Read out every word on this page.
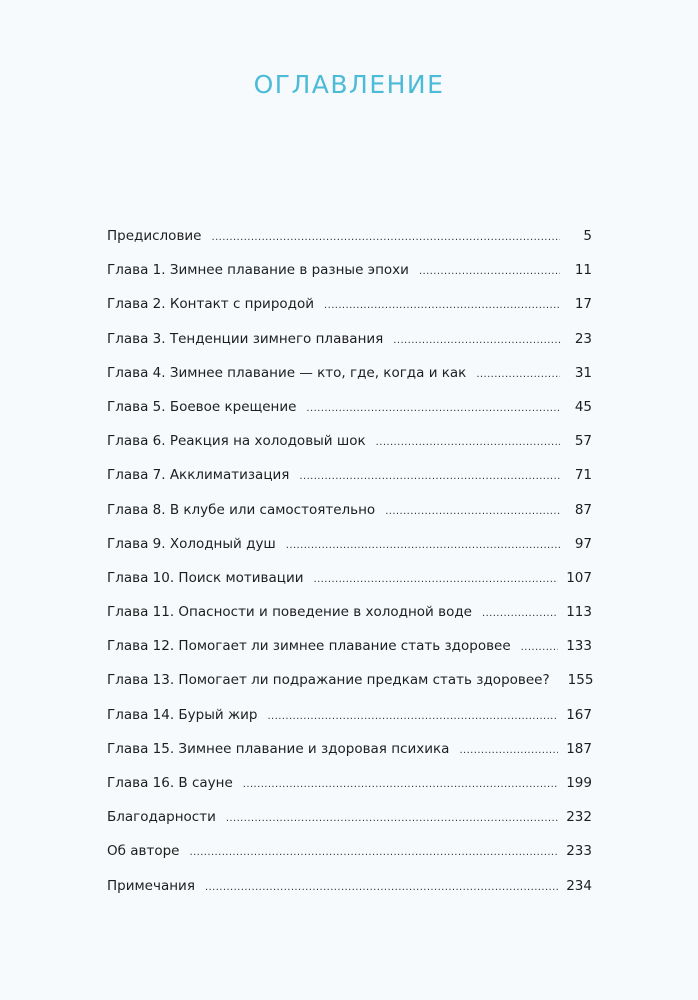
ОГЛАВЛЕНИЕ
Предисловие .....	5
Глава 1. Зимнее плавание в разные эпохи .....	11
Глава 2. Контакт с природой .....	17
Глава 3. Тенденции зимнего плавания .....	23
Глава 4. Зимнее плавание — кто, где, когда и как .....	31
Глава 5. Боевое крещение .....	45
Глава 6. Реакция на холодовый шок .....	57
Глава 7. Акклиматизация .....	71
Глава 8. В клубе или самостоятельно .....	87
Глава 9. Холодный душ .....	97
Глава 10. Поиск мотивации .....	107
Глава 11. Опасности и поведение в холодной воде .....	113
Глава 12. Помогает ли зимнее плавание стать здоровее .....	133
Глава 13. Помогает ли подражание предкам стать здоровее? 155
Глава 14. Бурый жир .....	167
Глава 15. Зимнее плавание и здоровая психика .....	187
Глава 16. В сауне .....	199
Благодарности .....	232
Об авторе .....	233
Примечания .....	234
